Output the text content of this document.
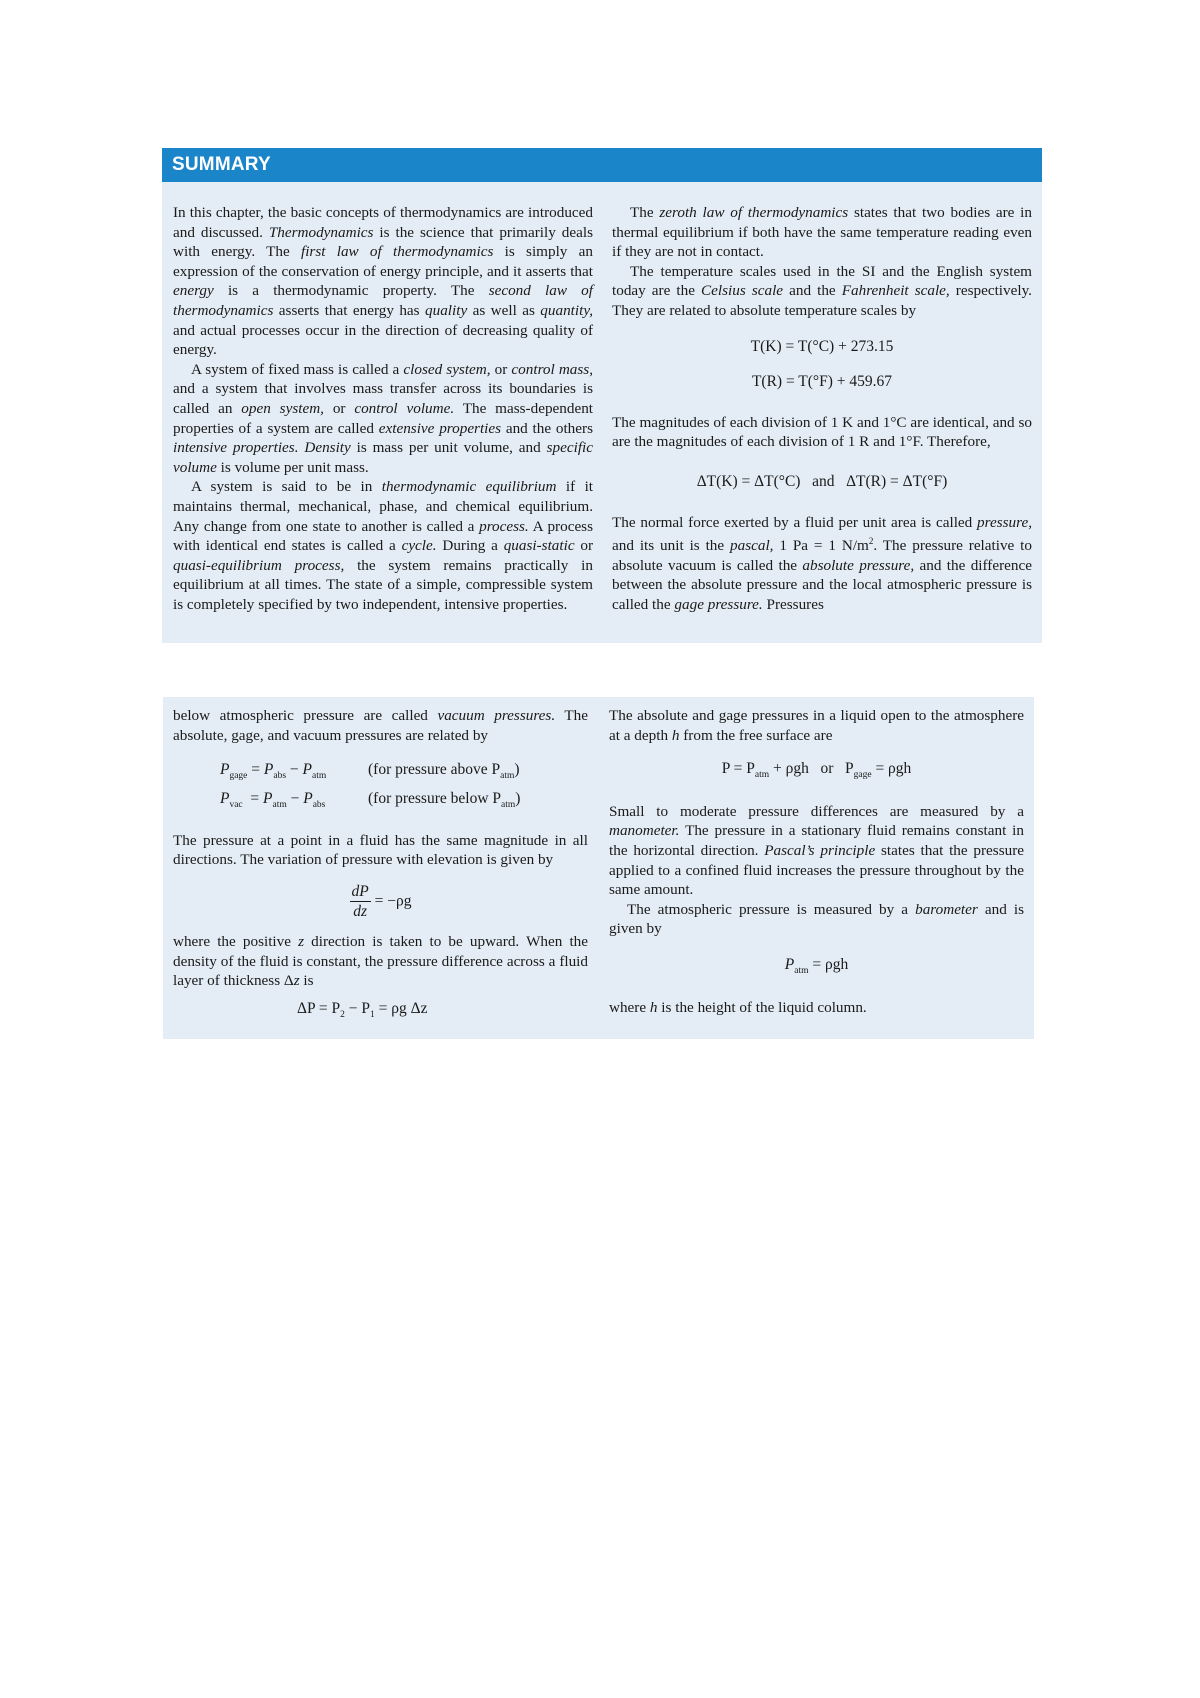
SUMMARY

In this chapter, the basic concepts of thermodynamics are introduced and discussed. Thermodynamics is the science that primarily deals with energy. The first law of thermodynamics is simply an expression of the conservation of energy principle, and it asserts that energy is a thermodynamic property. The second law of thermodynamics asserts that energy has quality as well as quantity, and actual processes occur in the direction of decreasing quality of energy.

A system of fixed mass is called a closed system, or control mass, and a system that involves mass transfer across its boundaries is called an open system, or control volume. The mass-dependent properties of a system are called extensive properties and the others intensive properties. Density is mass per unit volume, and specific volume is volume per unit mass.

A system is said to be in thermodynamic equilibrium if it maintains thermal, mechanical, phase, and chemical equilibrium. Any change from one state to another is called a process. A process with identical end states is called a cycle. During a quasi-static or quasi-equilibrium process, the system remains practically in equilibrium at all times. The state of a simple, compressible system is completely specified by two independent, intensive properties.

The zeroth law of thermodynamics states that two bodies are in thermal equilibrium if both have the same temperature reading even if they are not in contact.

The temperature scales used in the SI and the English system today are the Celsius scale and the Fahrenheit scale, respectively. They are related to absolute temperature scales by

T(K) = T(°C) + 273.15

T(R) = T(°F) + 459.67

The magnitudes of each division of 1 K and 1°C are identical, and so are the magnitudes of each division of 1 R and 1°F. Therefore,

ΔT(K) = ΔT(°C)   and   ΔT(R) = ΔT(°F)

The normal force exerted by a fluid per unit area is called pressure, and its unit is the pascal, 1 Pa = 1 $N/m^2$. The pressure relative to absolute vacuum is called the absolute pressure, and the difference between the absolute pressure and the local atmospheric pressure is called the gage pressure. Pressures

below atmospheric pressure are called vacuum pressures. The absolute, gage, and vacuum pressures are related by

$P_{gage} = P_{abs} - P_{atm}$	(for pressure above $P_{atm}$)
$P_{vac} = P_{atm} - P_{abs}$	(for pressure below $P_{atm}$)

The pressure at a point in a fluid has the same magnitude in all directions. The variation of pressure with elevation is given by

$\frac{dP}{dz} = -\rho g$

where the positive z direction is taken to be upward. When the density of the fluid is constant, the pressure difference across a fluid layer of thickness Δz is

$\Delta P = P_2 - P_1 = \rho g$ Δz

The absolute and gage pressures in a liquid open to the atmosphere at a depth h from the free surface are

$P = P_{atm} + \rho gh$   or   $P_{gage} = \rho gh$

Small to moderate pressure differences are measured by a manometer. The pressure in a stationary fluid remains constant in the horizontal direction. Pascal’s principle states that the pressure applied to a confined fluid increases the pressure throughout by the same amount.

The atmospheric pressure is measured by a barometer and is given by

$P_{atm} = \rho gh$

where h is the height of the liquid column.
